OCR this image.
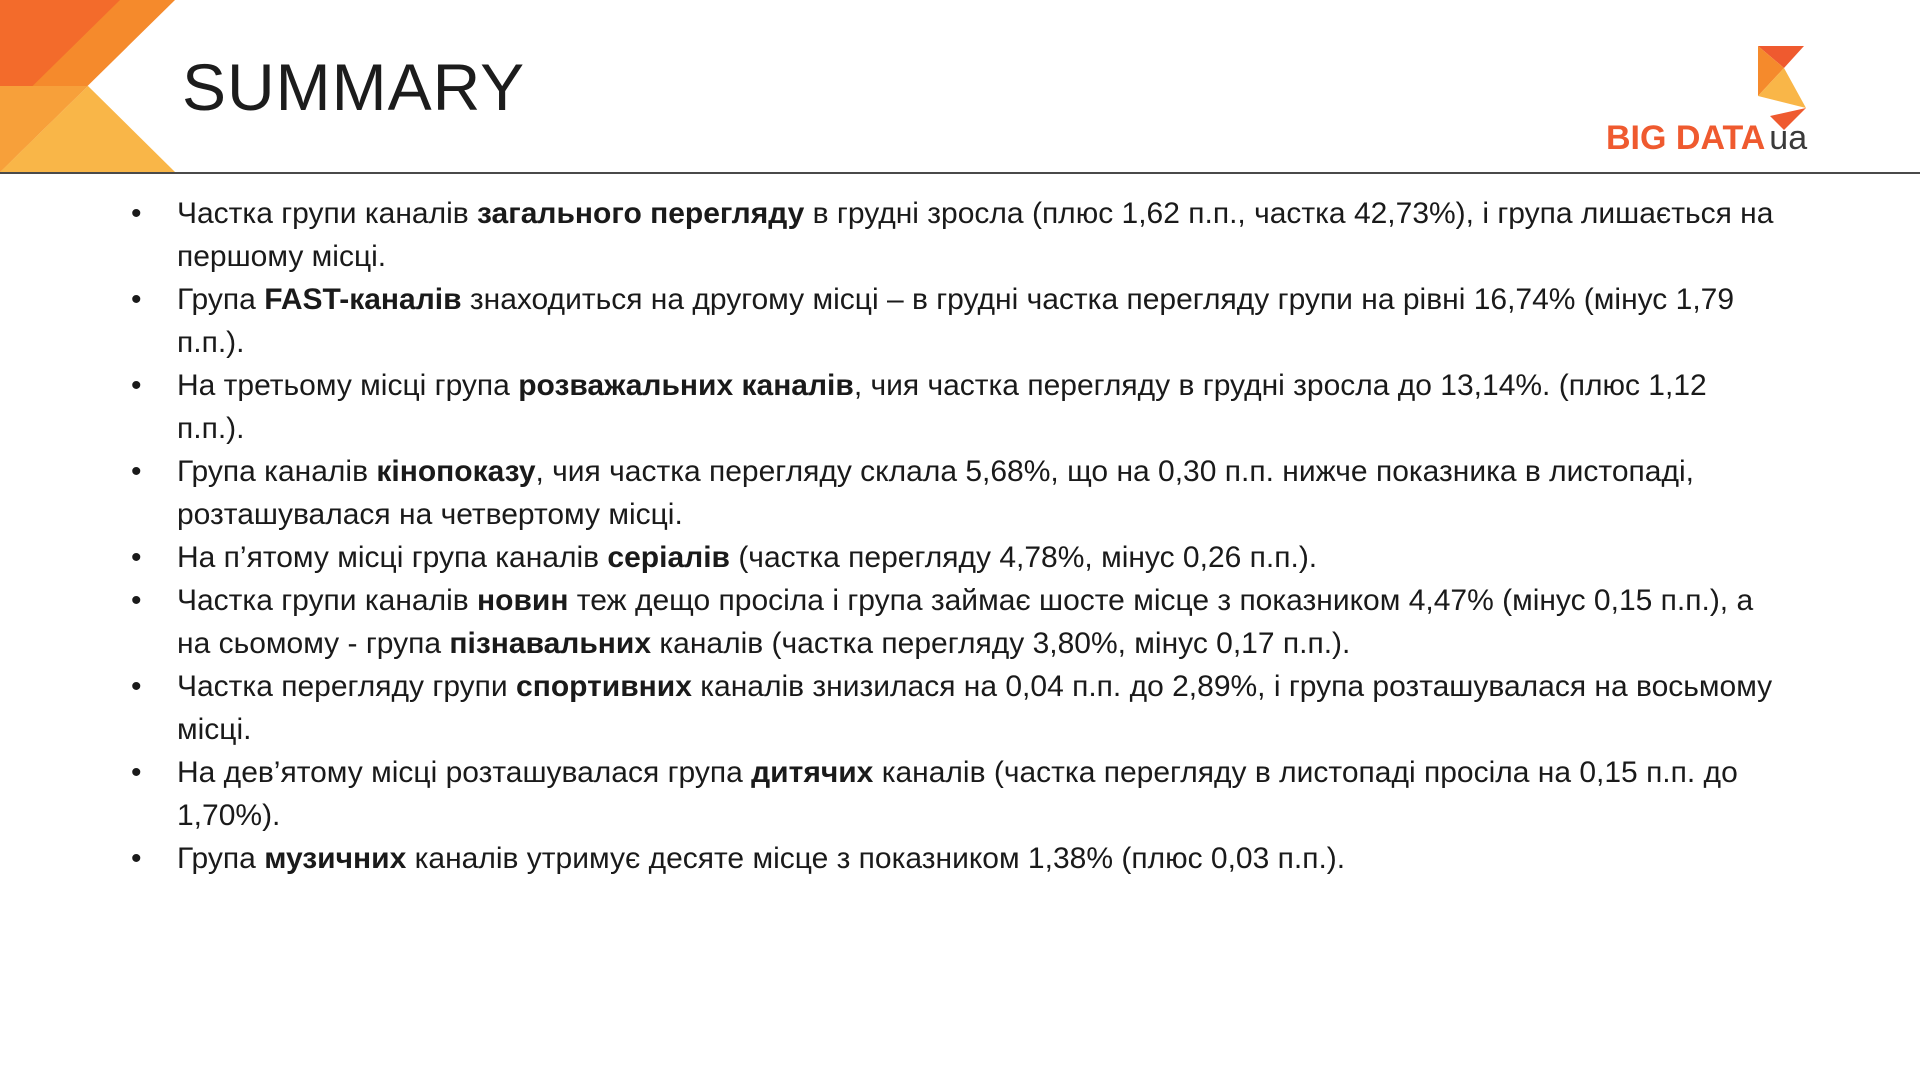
SUMMARY
BIG DATA ua
• Частка групи каналів загального перегляду в грудні зросла (плюс 1,62 п.п., частка 42,73%), і група лишається на першому місці.
• Група FAST-каналів знаходиться на другому місці – в грудні частка перегляду групи на рівні 16,74% (мінус 1,79 п.п.).
• На третьому місці група розважальних каналів, чия частка перегляду в грудні зросла до 13,14%. (плюс 1,12 п.п.).
• Група каналів кінопоказу, чия частка перегляду склала 5,68%, що на 0,30 п.п. нижче показника в листопаді, розташувалася на четвертому місці.
• На п’ятому місці група каналів серіалів (частка перегляду 4,78%, мінус 0,26 п.п.).
• Частка групи каналів новин теж дещо просіла і група займає шосте місце з показником 4,47% (мінус 0,15 п.п.), а на сьомому - група пізнавальних каналів (частка перегляду 3,80%, мінус 0,17 п.п.).
• Частка перегляду групи спортивних каналів знизилася на 0,04 п.п. до 2,89%, і група розташувалася на восьмому місці.
• На дев’ятому місці розташувалася група дитячих каналів (частка перегляду в листопаді просіла на 0,15 п.п. до 1,70%).
• Група музичних каналів утримує десяте місце з показником 1,38% (плюс 0,03 п.п.).
